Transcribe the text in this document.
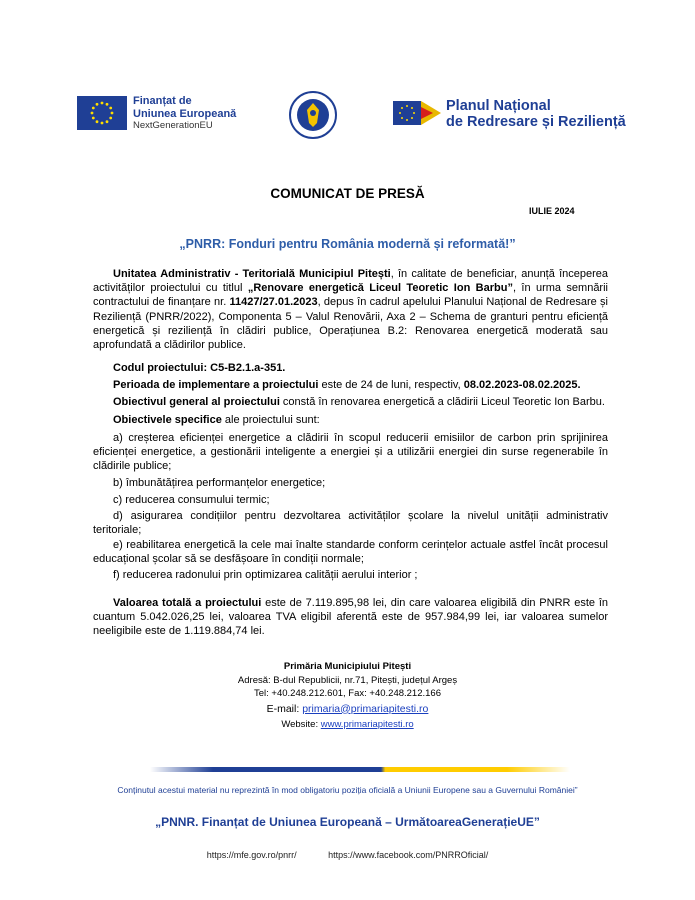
Finanțat de
Uniunea Europeană
NextGenerationEU
Planul Național
de Redresare și Reziliență
COMUNICAT DE PRESĂ
IULIE 2024
„PNRR: Fonduri pentru România modernă și reformată!”
Unitatea Administrativ - Teritorială Municipiul Pitești, în calitate de beneficiar, anunță începerea activităților proiectului cu titlul „Renovare energetică Liceul Teoretic Ion Barbu”, în urma semnării contractului de finanțare nr. 11427/27.01.2023, depus în cadrul apelului Planului Național de Redresare și Reziliență (PNRR/2022), Componenta 5 – Valul Renovării, Axa 2 – Schema de granturi pentru eficiență energetică și reziliență în clădiri publice, Operațiunea B.2: Renovarea energetică moderată sau aprofundată a clădirilor publice.
Codul proiectului: C5-B2.1.a-351.
Perioada de implementare a proiectului este de 24 de luni, respectiv, 08.02.2023-08.02.2025.
Obiectivul general al proiectului constă în renovarea energetică a clădirii Liceul Teoretic Ion Barbu.
Obiectivele specifice ale proiectului sunt:
a) creșterea eficienței energetice a clădirii în scopul reducerii emisiilor de carbon prin sprijinirea eficienței energetice, a gestionării inteligente a energiei și a utilizării energiei din surse regenerabile în clădirile publice;
b) îmbunătățirea performanțelor energetice;
c) reducerea consumului termic;
d) asigurarea condițiilor pentru dezvoltarea activităților școlare la nivelul unității administrativ teritoriale;
e) reabilitarea energetică la cele mai înalte standarde conform cerințelor actuale astfel încât procesul educațional școlar să se desfășoare în condiții normale;
f) reducerea radonului prin optimizarea calității aerului interior ;
Valoarea totală a proiectului este de 7.119.895,98 lei, din care valoarea eligibilă din PNRR este în cuantum 5.042.026,25 lei, valoarea TVA eligibil aferentă este de 957.984,99 lei, iar valoarea sumelor neeligibile este de 1.119.884,74 lei.
Primăria Municipiului Pitești
Adresă: B-dul Republicii, nr.71, Pitești, județul Argeș
Tel: +40.248.212.601, Fax: +40.248.212.166
E-mail: primaria@primariapitesti.ro
Website: www.primariapitesti.ro
Conținutul acestui material nu reprezintă în mod obligatoriu poziția oficială a Uniunii Europene sau a Guvernului României”
„PNNR. Finanțat de Uniunea Europeană – UrmătoareaGenerațieUE”
https://mfe.gov.ro/pnrr/	https://www.facebook.com/PNRROficial/
